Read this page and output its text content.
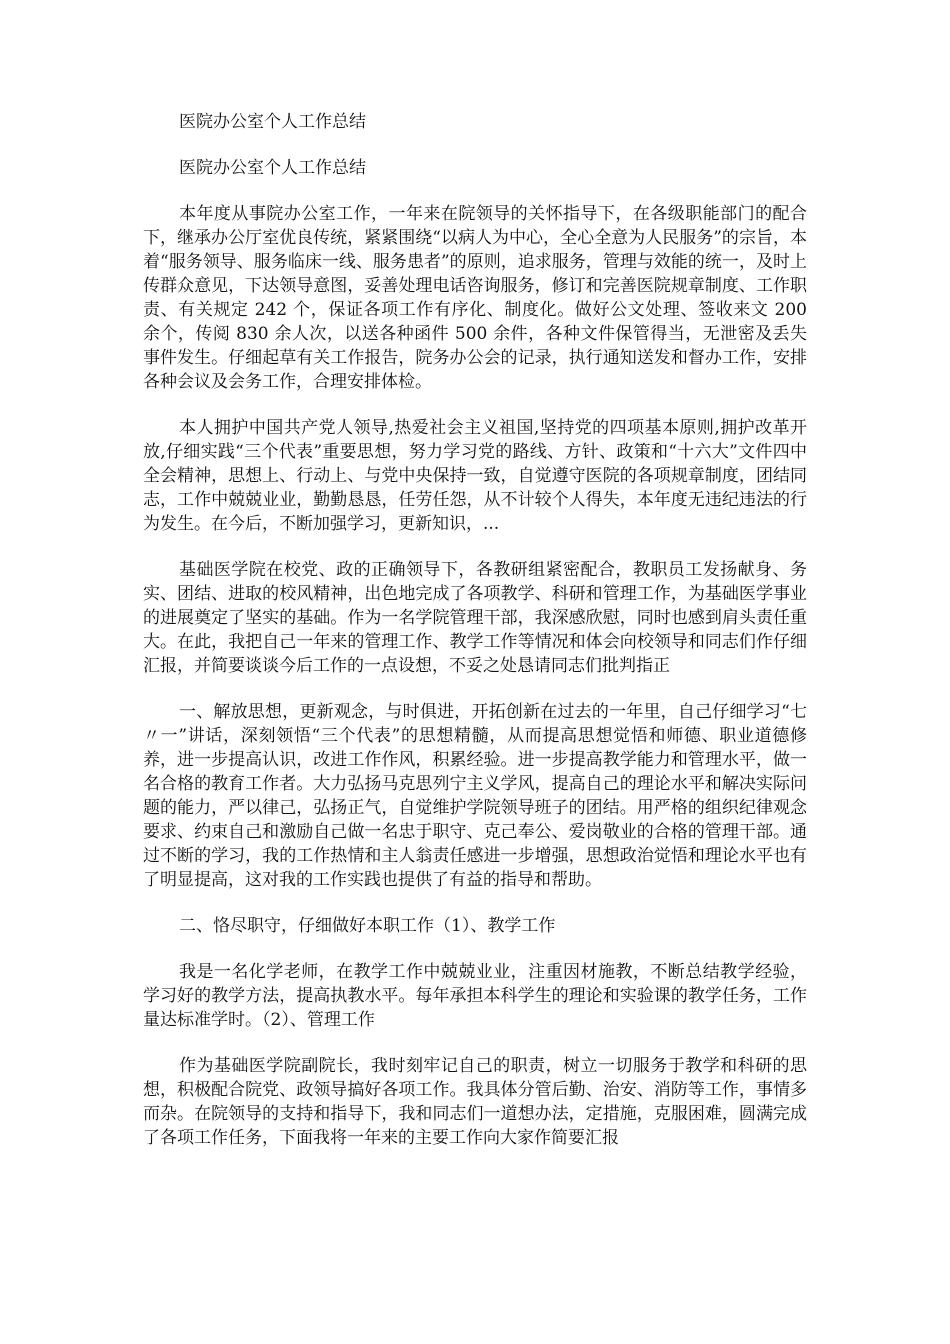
医院办公室个人工作总结

医院办公室个人工作总结

本年度从事院办公室工作，一年来在院领导的关怀指导下，在各级职能部门的配合下，继承办公厅室优良传统，紧紧围绕“以病人为中心，全心全意为人民服务”的宗旨，本着“服务领导、服务临床一线、服务患者”的原则，追求服务，管理与效能的统一，及时上传群众意见，下达领导意图，妥善处理电话咨询服务，修订和完善医院规章制度、工作职责、有关规定 242 个，保证各项工作有序化、制度化。做好公文处理、签收来文 200 余个，传阅 830 余人次，以送各种函件 500 余件，各种文件保管得当，无泄密及丢失事件发生。仔细起草有关工作报告，院务办公会的记录，执行通知送发和督办工作，安排各种会议及会务工作，合理安排体检。

本人拥护中国共产党人领导,热爱社会主义祖国,坚持党的四项基本原则,拥护改革开放,仔细实践“三个代表”重要思想，努力学习党的路线、方针、政策和“十六大”文件四中全会精神，思想上、行动上、与党中央保持一致，自觉遵守医院的各项规章制度，团结同志，工作中兢兢业业，勤勤恳恳，任劳任怨，从不计较个人得失，本年度无违纪违法的行为发生。在今后，不断加强学习，更新知识，...

基础医学院在校党、政的正确领导下，各教研组紧密配合，教职员工发扬献身、务实、团结、进取的校风精神，出色地完成了各项教学、科研和管理工作，为基础医学事业的进展奠定了坚实的基础。作为一名学院管理干部，我深感欣慰，同时也感到肩头责任重大。在此，我把自己一年来的管理工作、教学工作等情况和体会向校领导和同志们作仔细汇报，并简要谈谈今后工作的一点设想，不妥之处恳请同志们批判指正

一、解放思想，更新观念，与时俱进，开拓创新在过去的一年里，自己仔细学习“七〃一”讲话，深刻领悟“三个代表”的思想精髓，从而提高思想觉悟和师德、职业道德修养，进一步提高认识，改进工作作风，积累经验。进一步提高教学能力和管理水平，做一名合格的教育工作者。大力弘扬马克思列宁主义学风，提高自己的理论水平和解决实际问题的能力，严以律己，弘扬正气，自觉维护学院领导班子的团结。用严格的组织纪律观念要求、约束自己和激励自己做一名忠于职守、克己奉公、爱岗敬业的合格的管理干部。通过不断的学习，我的工作热情和主人翁责任感进一步增强，思想政治觉悟和理论水平也有了明显提高，这对我的工作实践也提供了有益的指导和帮助。

二、恪尽职守，仔细做好本职工作（1）、教学工作

我是一名化学老师，在教学工作中兢兢业业，注重因材施教，不断总结教学经验，学习好的教学方法，提高执教水平。每年承担本科学生的理论和实验课的教学任务，工作量达标准学时。（2）、管理工作

作为基础医学院副院长，我时刻牢记自己的职责，树立一切服务于教学和科研的思想，积极配合院党、政领导搞好各项工作。我具体分管后勤、治安、消防等工作，事情多而杂。在院领导的支持和指导下，我和同志们一道想办法，定措施，克服困难，圆满完成了各项工作任务，下面我将一年来的主要工作向大家作简要汇报
